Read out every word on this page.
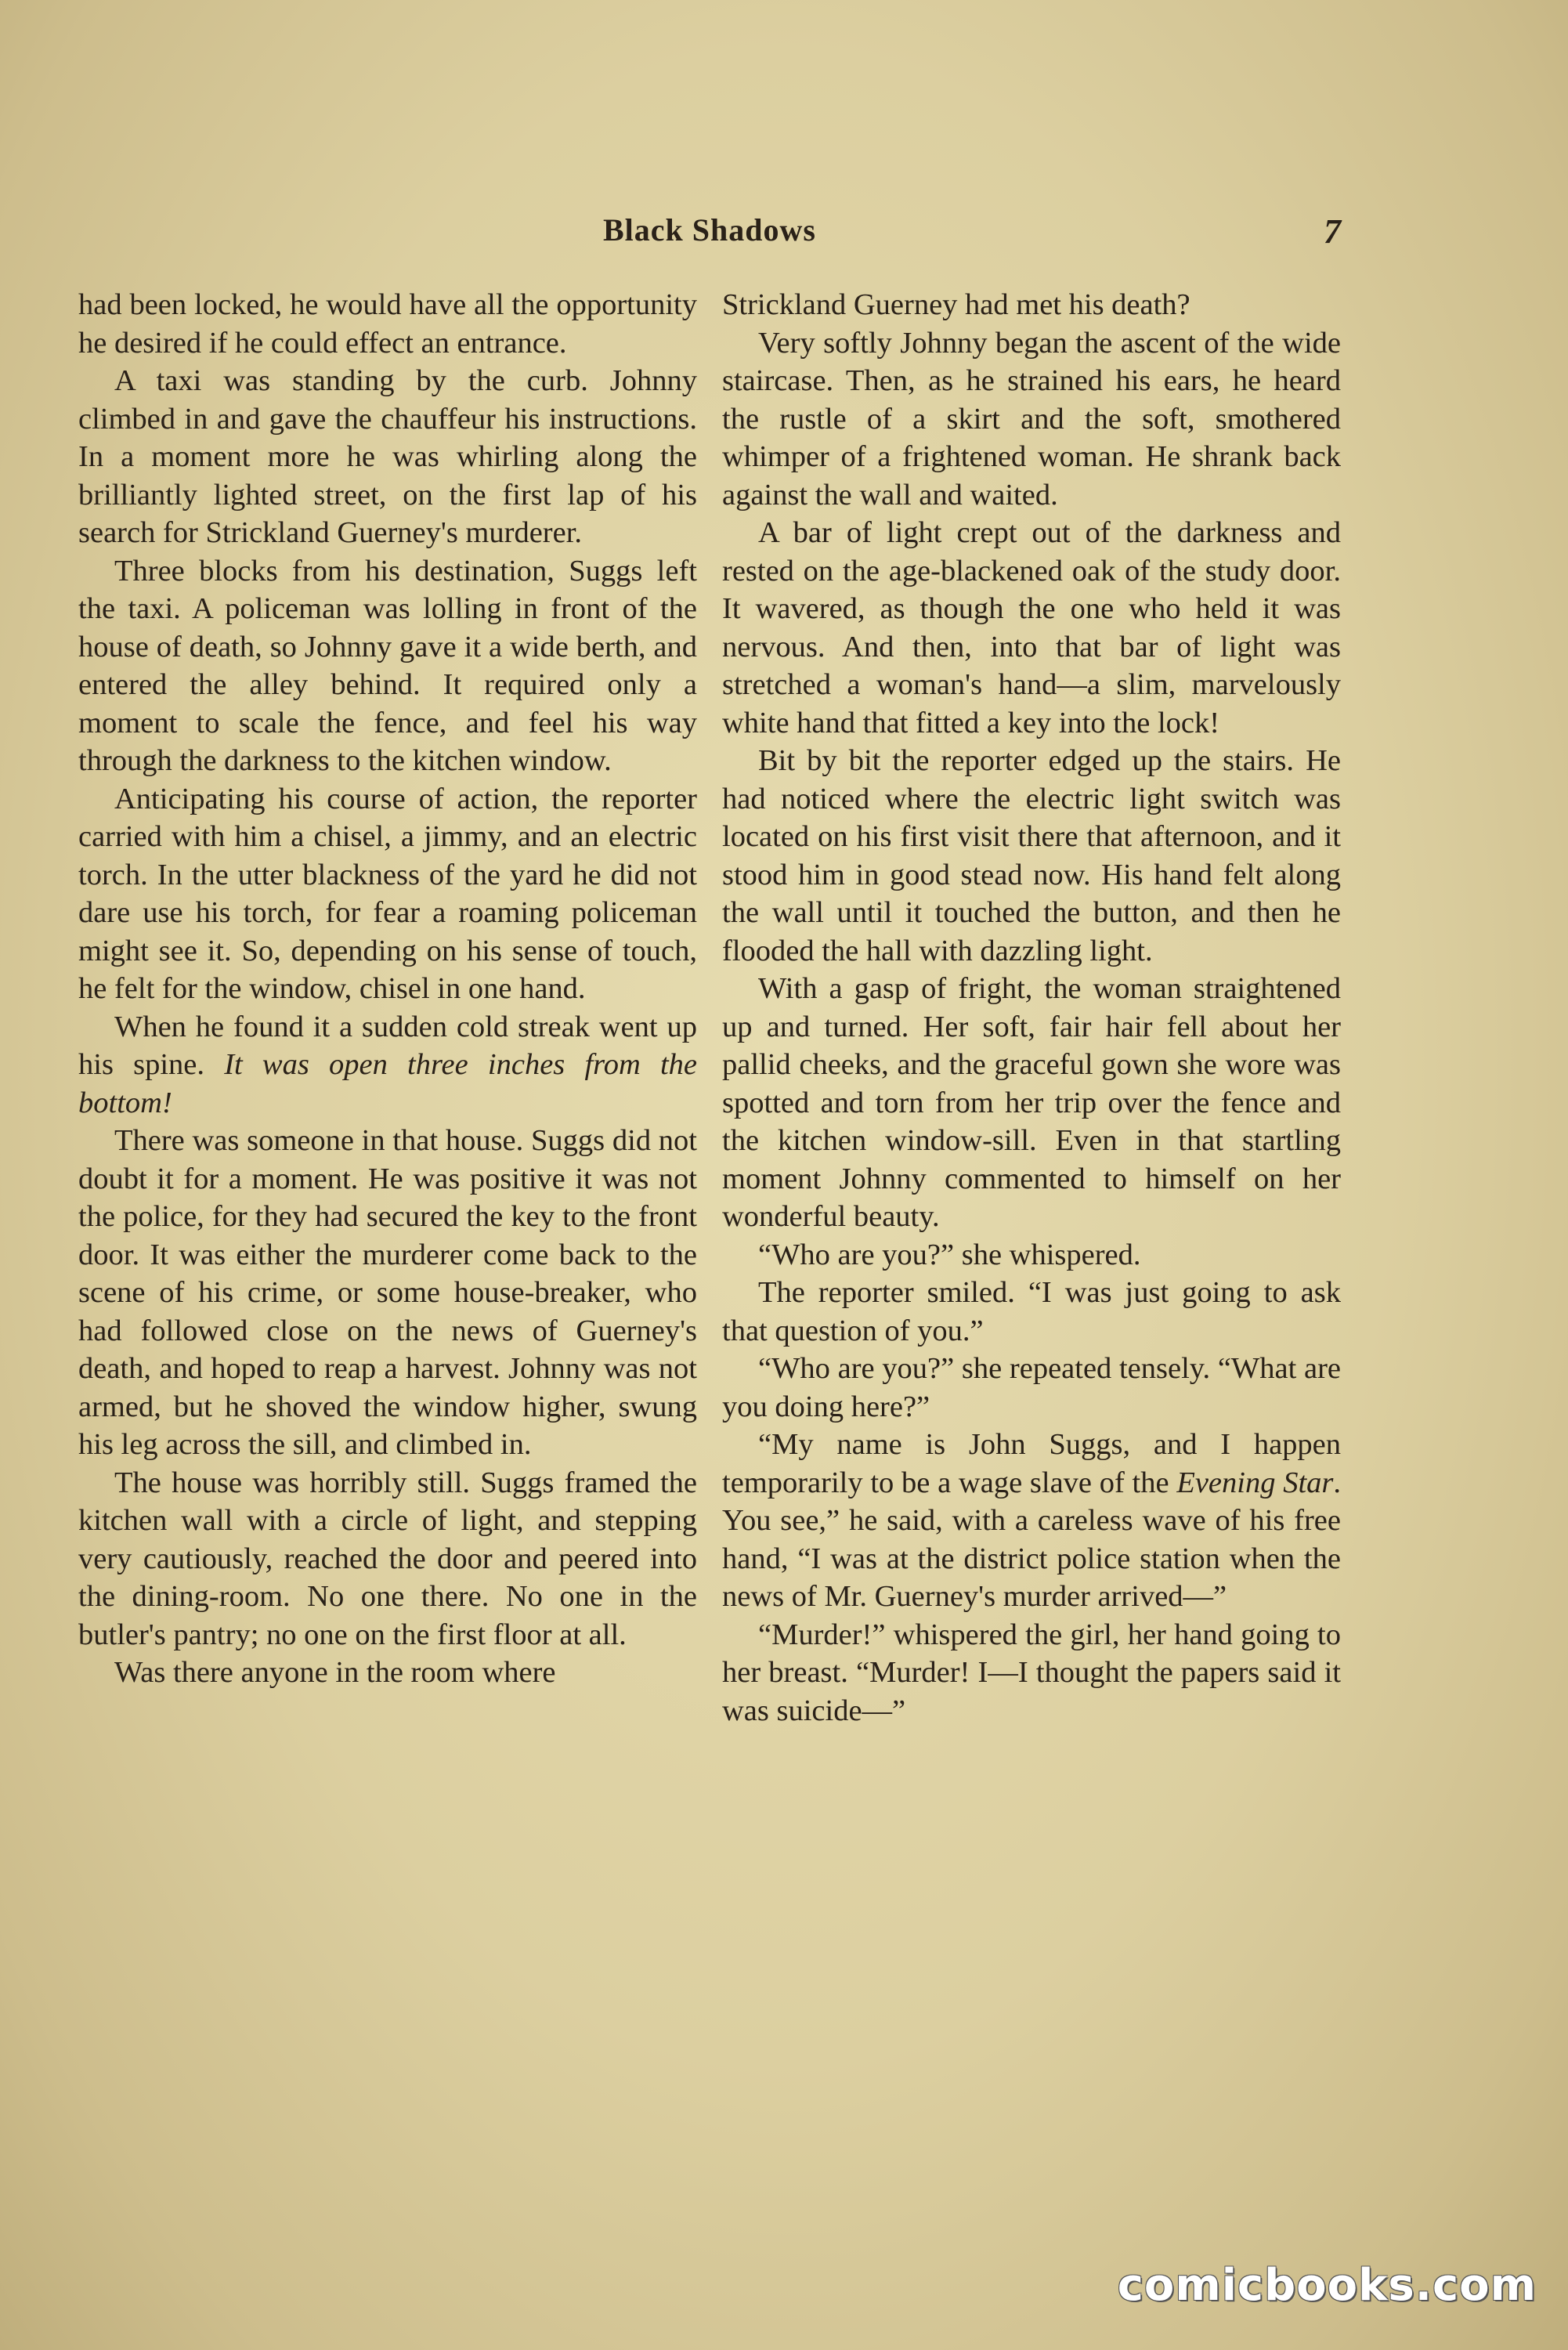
Black Shadows	7

had been locked, he would have all the opportunity he desired if he could effect an entrance.

A taxi was standing by the curb. Johnny climbed in and gave the chauffeur his instructions. In a moment more he was whirling along the brilliantly lighted street, on the first lap of his search for Strickland Guerney's murderer.

Three blocks from his destination, Suggs left the taxi. A policeman was lolling in front of the house of death, so Johnny gave it a wide berth, and entered the alley behind. It required only a moment to scale the fence, and feel his way through the darkness to the kitchen window.

Anticipating his course of action, the reporter carried with him a chisel, a jimmy, and an electric torch. In the utter blackness of the yard he did not dare use his torch, for fear a roaming policeman might see it. So, depending on his sense of touch, he felt for the window, chisel in one hand.

When he found it a sudden cold streak went up his spine. It was open three inches from the bottom!

There was someone in that house. Suggs did not doubt it for a moment. He was positive it was not the police, for they had secured the key to the front door. It was either the murderer come back to the scene of his crime, or some house-breaker, who had followed close on the news of Guerney's death, and hoped to reap a harvest. Johnny was not armed, but he shoved the window higher, swung his leg across the sill, and climbed in.

The house was horribly still. Suggs framed the kitchen wall with a circle of light, and stepping very cautiously, reached the door and peered into the dining-room. No one there. No one in the butler's pantry; no one on the first floor at all.

Was there anyone in the room where

Strickland Guerney had met his death?

Very softly Johnny began the ascent of the wide staircase. Then, as he strained his ears, he heard the rustle of a skirt and the soft, smothered whimper of a frightened woman. He shrank back against the wall and waited.

A bar of light crept out of the darkness and rested on the age-blackened oak of the study door. It wavered, as though the one who held it was nervous. And then, into that bar of light was stretched a woman's hand—a slim, marvelously white hand that fitted a key into the lock!

Bit by bit the reporter edged up the stairs. He had noticed where the electric light switch was located on his first visit there that afternoon, and it stood him in good stead now. His hand felt along the wall until it touched the button, and then he flooded the hall with dazzling light.

With a gasp of fright, the woman straightened up and turned. Her soft, fair hair fell about her pallid cheeks, and the graceful gown she wore was spotted and torn from her trip over the fence and the kitchen window-sill. Even in that startling moment Johnny commented to himself on her wonderful beauty.

“Who are you?” she whispered.

The reporter smiled. “I was just going to ask that question of you.”

“Who are you?” she repeated tensely. “What are you doing here?”

“My name is John Suggs, and I happen temporarily to be a wage slave of the Evening Star. You see,” he said, with a careless wave of his free hand, “I was at the district police station when the news of Mr. Guerney's murder arrived—”

“Murder!” whispered the girl, her hand going to her breast. “Murder! I—I thought the papers said it was suicide—”

comicbooks.com
